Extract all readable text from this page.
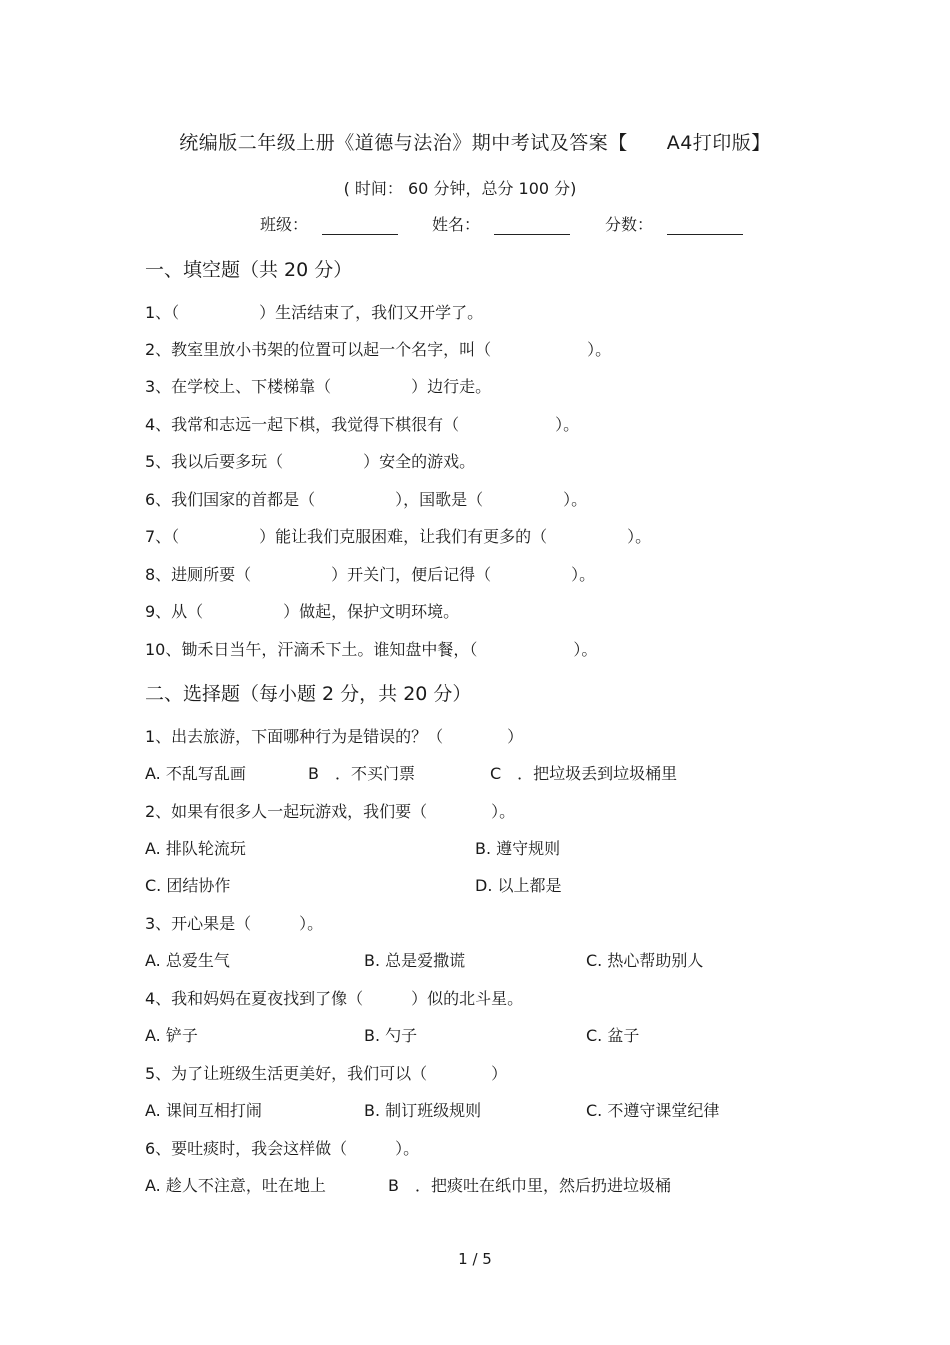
统编版二年级上册《道德与法治》期中考试及答案【　　A4打印版】
( 时间： 60 分钟，总分 100 分)
班级：	姓名：	分数：
一、填空题（共 20 分）
1、（　　　　　）生活结束了，我们又开学了。
2、教室里放小书架的位置可以起一个名字，叫（　　　　　　）。
3、在学校上、下楼梯靠（　　　　　）边行走。
4、我常和志远一起下棋，我觉得下棋很有（　　　　　　）。
5、我以后要多玩（　　　　　）安全的游戏。
6、我们国家的首都是（　　　　　），国歌是（　　　　　）。
7、（　　　　　）能让我们克服困难，让我们有更多的（　　　　　）。
8、进厕所要（　　　　　）开关门，便后记得（　　　　　）。
9、从（　　　　　）做起，保护文明环境。
10、锄禾日当午，汗滴禾下土。谁知盘中餐，（　　　　　　）。
二、选择题（每小题 2 分，共 20 分）
1、出去旅游，下面哪种行为是错误的？（　　　　）
A. 不乱写乱画	B　．不买门票	C　．把垃圾丢到垃圾桶里
2、如果有很多人一起玩游戏，我们要（　　　　）。
A. 排队轮流玩	B. 遵守规则
C. 团结协作	D. 以上都是
3、开心果是（　　　）。
A. 总爱生气	B. 总是爱撒谎	C. 热心帮助别人
4、我和妈妈在夏夜找到了像（　　　）似的北斗星。
A. 铲子	B. 勺子	C. 盆子
5、为了让班级生活更美好，我们可以（　　　　）
A. 课间互相打闹	B. 制订班级规则	C. 不遵守课堂纪律
6、要吐痰时，我会这样做（　　　）。
A. 趁人不注意，吐在地上	B　．把痰吐在纸巾里，然后扔进垃圾桶
1 / 5
